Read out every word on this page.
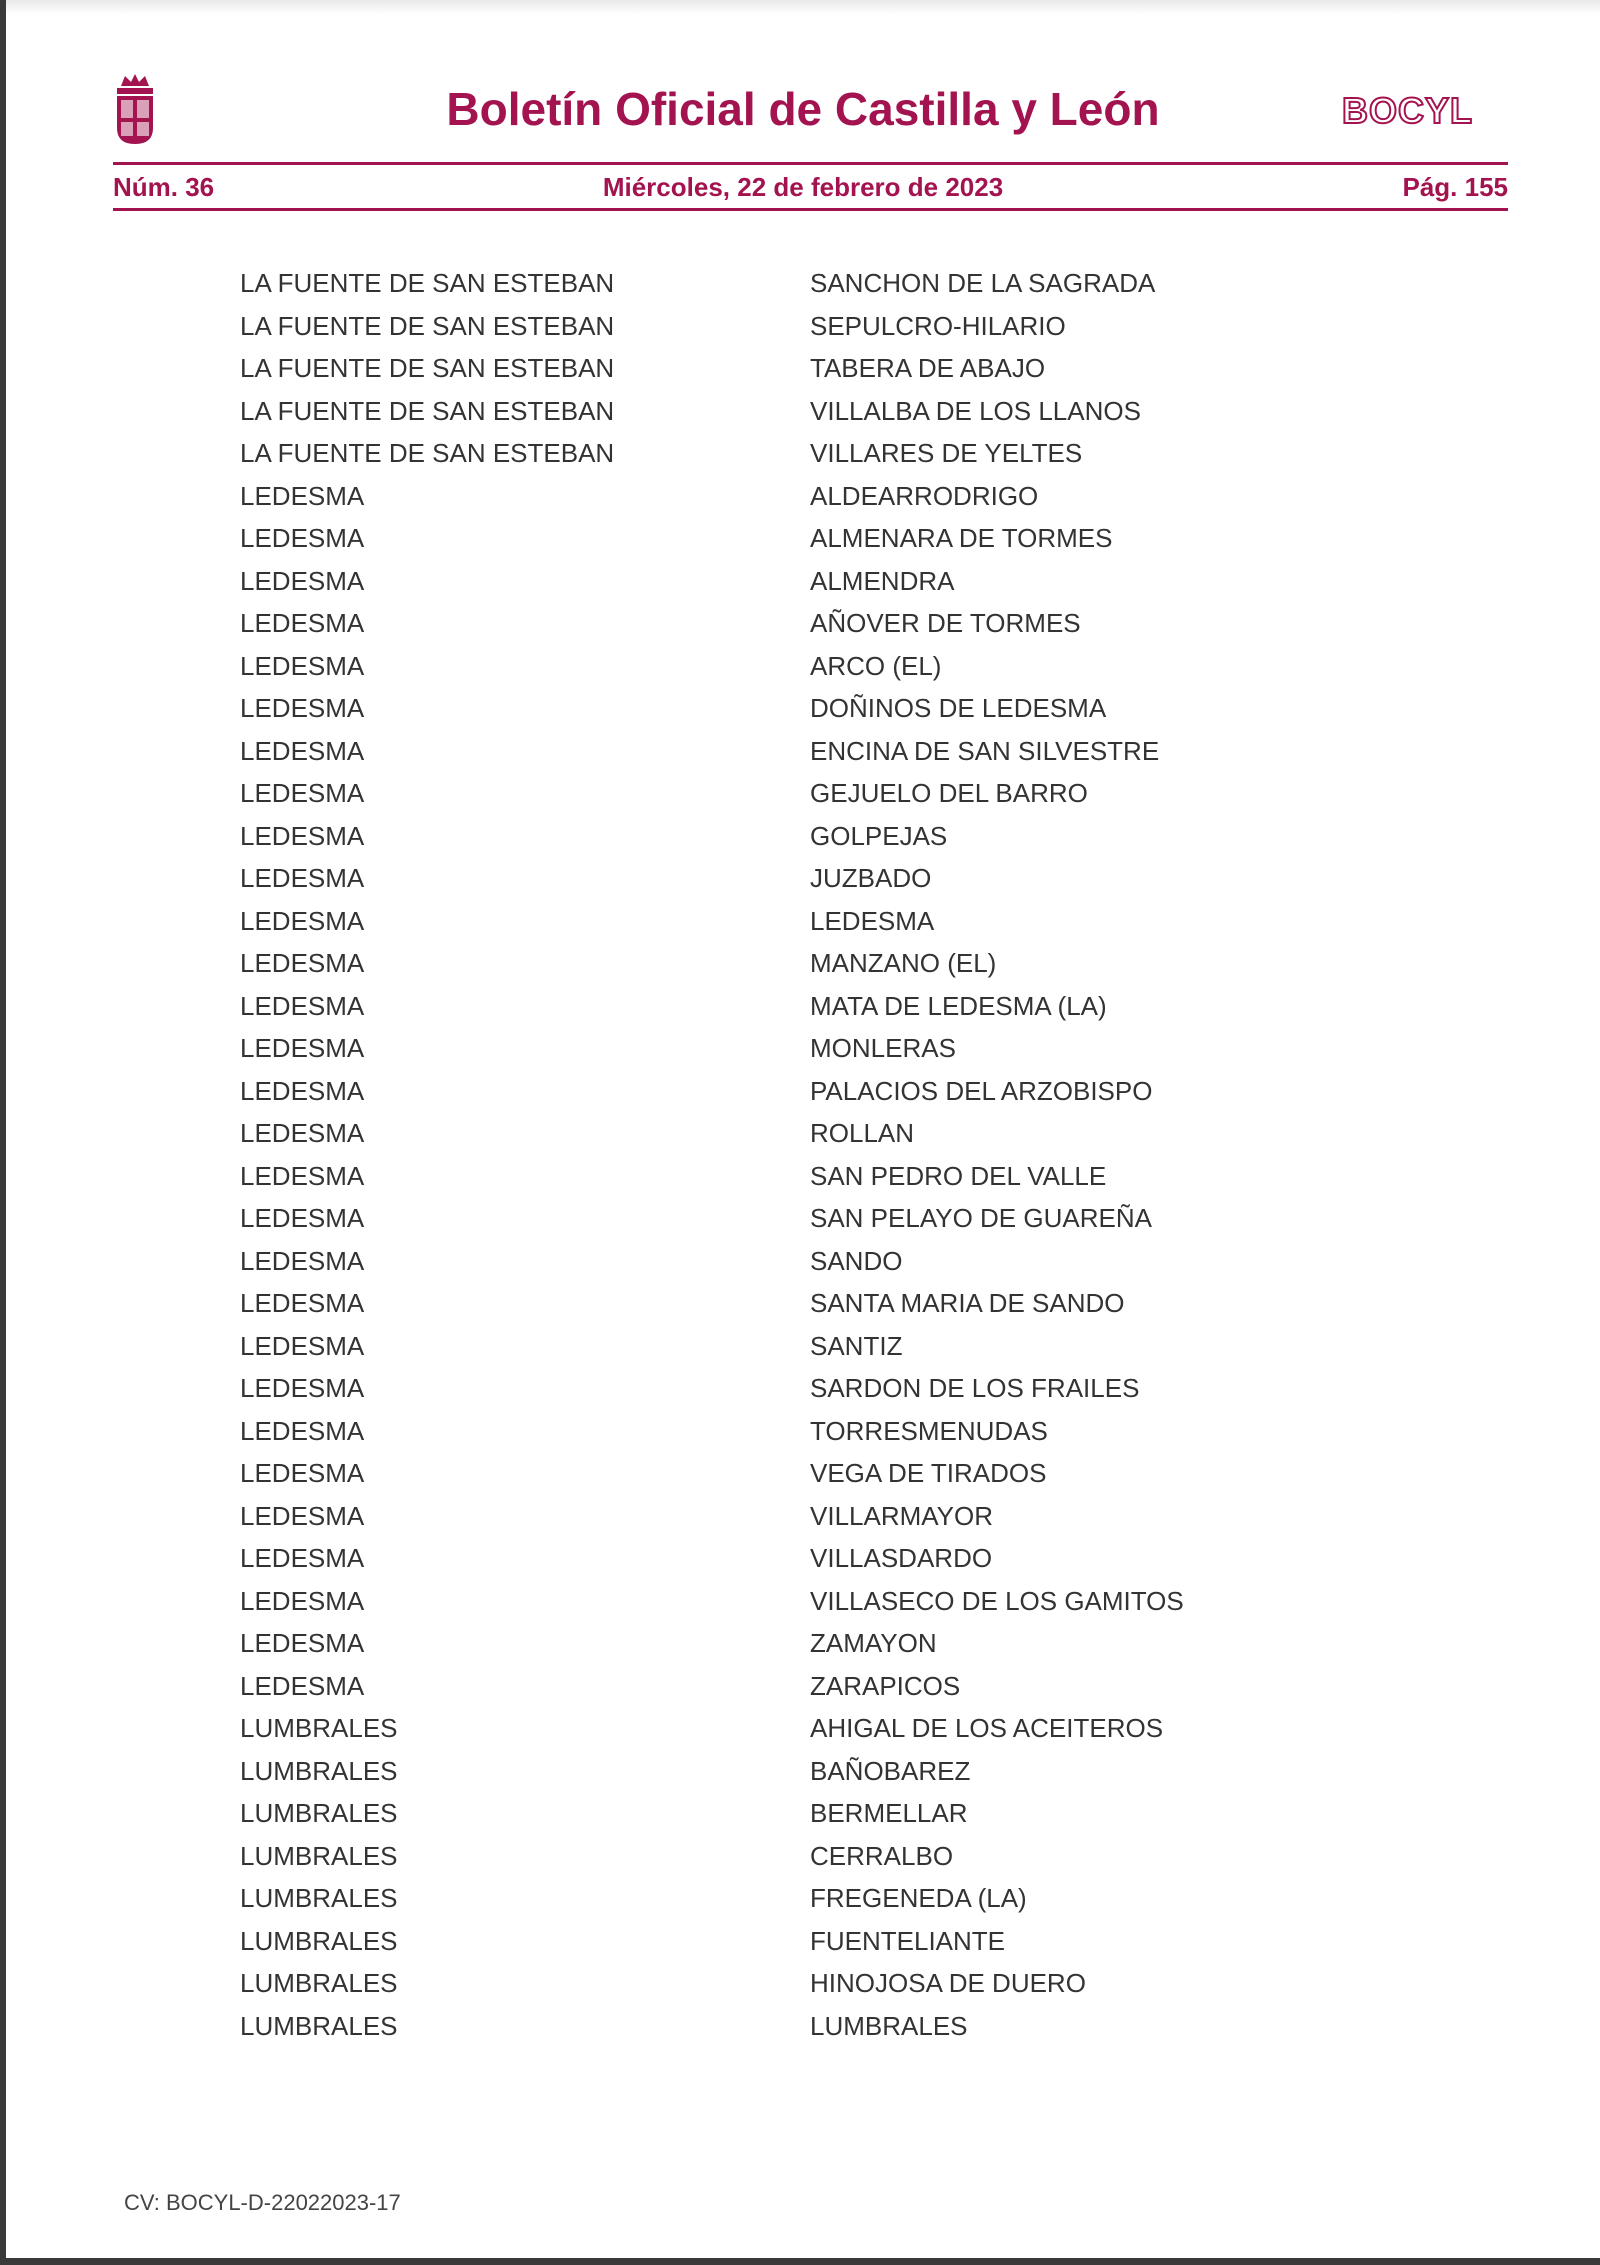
Boletín Oficial de Castilla y León	BOCYL
Núm. 36	Miércoles, 22 de febrero de 2023	Pág. 155
LA FUENTE DE SAN ESTEBAN	SANCHON DE LA SAGRADA
LA FUENTE DE SAN ESTEBAN	SEPULCRO-HILARIO
LA FUENTE DE SAN ESTEBAN	TABERA DE ABAJO
LA FUENTE DE SAN ESTEBAN	VILLALBA DE LOS LLANOS
LA FUENTE DE SAN ESTEBAN	VILLARES DE YELTES
LEDESMA	ALDEARRODRIGO
LEDESMA	ALMENARA DE TORMES
LEDESMA	ALMENDRA
LEDESMA	AÑOVER DE TORMES
LEDESMA	ARCO (EL)
LEDESMA	DOÑINOS DE LEDESMA
LEDESMA	ENCINA DE SAN SILVESTRE
LEDESMA	GEJUELO DEL BARRO
LEDESMA	GOLPEJAS
LEDESMA	JUZBADO
LEDESMA	LEDESMA
LEDESMA	MANZANO (EL)
LEDESMA	MATA DE LEDESMA (LA)
LEDESMA	MONLERAS
LEDESMA	PALACIOS DEL ARZOBISPO
LEDESMA	ROLLAN
LEDESMA	SAN PEDRO DEL VALLE
LEDESMA	SAN PELAYO DE GUAREÑA
LEDESMA	SANDO
LEDESMA	SANTA MARIA DE SANDO
LEDESMA	SANTIZ
LEDESMA	SARDON DE LOS FRAILES
LEDESMA	TORRESMENUDAS
LEDESMA	VEGA DE TIRADOS
LEDESMA	VILLARMAYOR
LEDESMA	VILLASDARDO
LEDESMA	VILLASECO DE LOS GAMITOS
LEDESMA	ZAMAYON
LEDESMA	ZARAPICOS
LUMBRALES	AHIGAL DE LOS ACEITEROS
LUMBRALES	BAÑOBAREZ
LUMBRALES	BERMELLAR
LUMBRALES	CERRALBO
LUMBRALES	FREGENEDA (LA)
LUMBRALES	FUENTELIANTE
LUMBRALES	HINOJOSA DE DUERO
LUMBRALES	LUMBRALES
CV: BOCYL-D-22022023-17
